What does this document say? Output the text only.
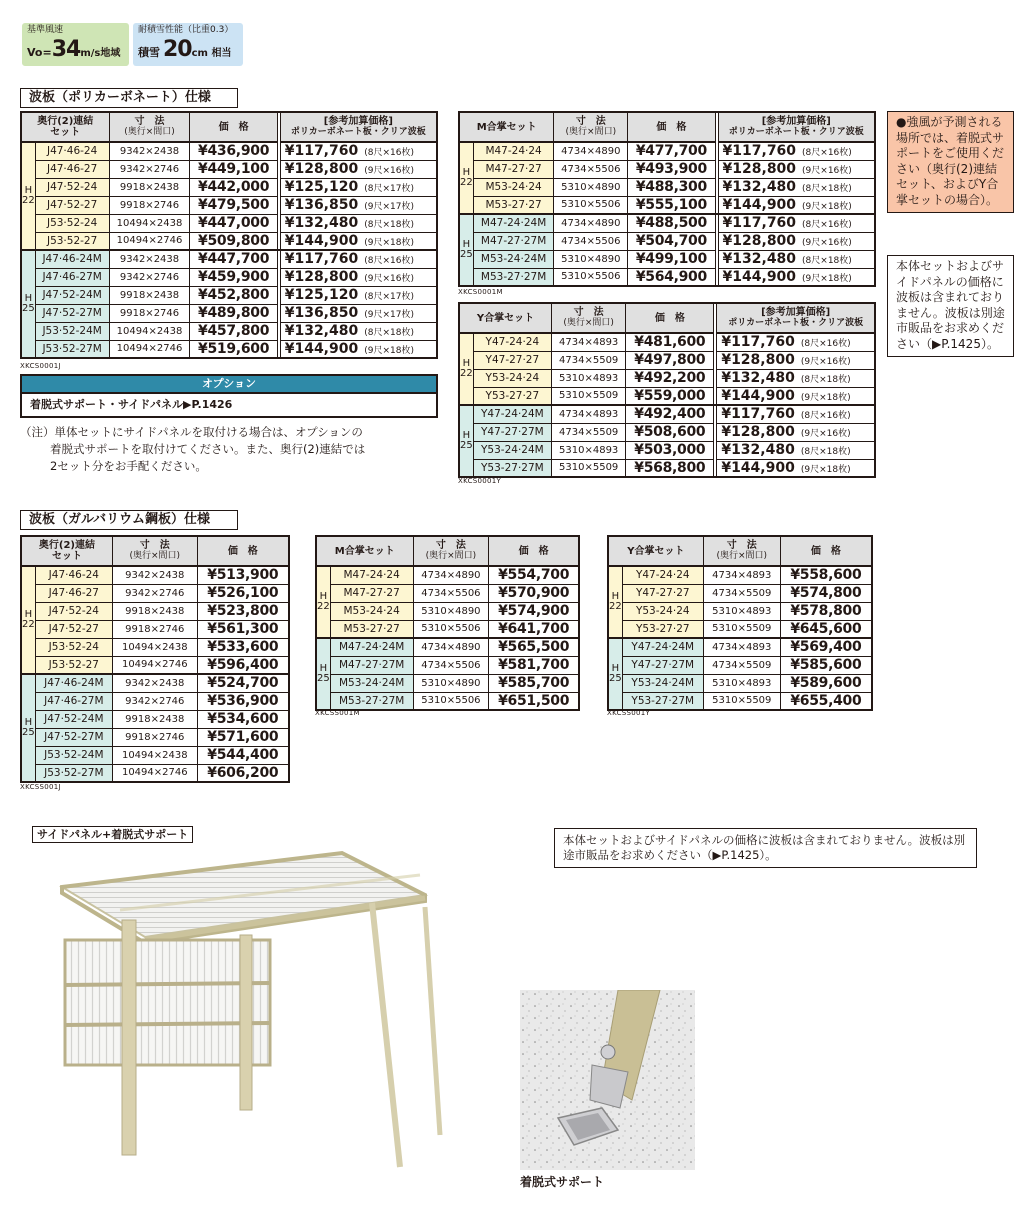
基準風速
Vo= 34 m/s地域
耐積雪性能（比重0.3）
積雪 20 cm 相当
波板（ポリカーボネート）仕様
奥行(2)連結
セット		寸　法
(奥行×間口)	価　格		[参考加算価格]
ポリカーボネート板・クリア波板

H
22	J47·46-24	9342×2438	¥436,900		¥117,760 (8尺×16枚)
	J47·46-27	9342×2746	¥449,100		¥128,800 (9尺×16枚)
	J47·52-24	9918×2438	¥442,000		¥125,120 (8尺×17枚)
	J47·52-27	9918×2746	¥479,500		¥136,850 (9尺×17枚)
	J53·52-24	10494×2438	¥447,000		¥132,480 (8尺×18枚)
	J53·52-27	10494×2746	¥509,800		¥144,900 (9尺×18枚)
H
25	J47·46-24M	9342×2438	¥447,700		¥117,760 (8尺×16枚)
	J47·46-27M	9342×2746	¥459,900		¥128,800 (9尺×16枚)
	J47·52-24M	9918×2438	¥452,800		¥125,120 (8尺×17枚)
	J47·52-27M	9918×2746	¥489,800		¥136,850 (9尺×17枚)
	J53·52-24M	10494×2438	¥457,800		¥132,480 (8尺×18枚)
	J53·52-27M	10494×2746	¥519,600		¥144,900 (9尺×18枚)
XKCS0001J
M合掌セット		寸　法
(奥行×間口)	価　格		[参考加算価格]
ポリカーボネート板・クリア波板

H
22	M47-24·24	4734×4890	¥477,700		¥117,760 (8尺×16枚)
	M47-27·27	4734×5506	¥493,900		¥128,800 (9尺×16枚)
	M53-24·24	5310×4890	¥488,300		¥132,480 (8尺×18枚)
	M53-27·27	5310×5506	¥555,100		¥144,900 (9尺×18枚)
H
25	M47-24·24M	4734×4890	¥488,500		¥117,760 (8尺×16枚)
	M47-27·27M	4734×5506	¥504,700		¥128,800 (9尺×16枚)
	M53-24·24M	5310×4890	¥499,100		¥132,480 (8尺×18枚)
	M53-27·27M	5310×5506	¥564,900		¥144,900 (9尺×18枚)
XKCS0001M
Y合掌セット		寸　法
(奥行×間口)	価　格		[参考加算価格]
ポリカーボネート板・クリア波板

H
22	Y47-24·24	4734×4893	¥481,600		¥117,760 (8尺×16枚)
	Y47-27·27	4734×5509	¥497,800		¥128,800 (9尺×16枚)
	Y53-24·24	5310×4893	¥492,200		¥132,480 (8尺×18枚)
	Y53-27·27	5310×5509	¥559,000		¥144,900 (9尺×18枚)
H
25	Y47-24·24M	4734×4893	¥492,400		¥117,760 (8尺×16枚)
	Y47-27·27M	4734×5509	¥508,600		¥128,800 (9尺×16枚)
	Y53-24·24M	5310×4893	¥503,000		¥132,480 (8尺×18枚)
	Y53-27·27M	5310×5509	¥568,800		¥144,900 (9尺×18枚)
XKCS0001Y
オプション
着脱式サポート・サイドパネル▶P.1426
（注）単体セットにサイドパネルを取付ける場合は、オプションの
着脱式サポートを取付けてください。また、奥行(2)連結では
2セット分をお手配ください。
●強風が予測される場所では、着脱式サポートをご使用ください（奥行(2)連結セット、およびY合掌セットの場合）。
本体セットおよびサイドパネルの価格に波板は含まれておりません。波板は別途市販品をお求めください（▶P.1425）。
波板（ガルバリウム鋼板）仕様
奥行(2)連結
セット		寸　法
(奥行×間口)	価　格
H
22	J47·46-24	9342×2438	¥513,900
	J47·46-27	9342×2746	¥526,100
	J47·52-24	9918×2438	¥523,800
	J47·52-27	9918×2746	¥561,300
	J53·52-24	10494×2438	¥533,600
	J53·52-27	10494×2746	¥596,400
H
25	J47·46-24M	9342×2438	¥524,700
	J47·46-27M	9342×2746	¥536,900
	J47·52-24M	9918×2438	¥534,600
	J47·52-27M	9918×2746	¥571,600
	J53·52-24M	10494×2438	¥544,400
	J53·52-27M	10494×2746	¥606,200
XKCSS001J
M合掌セット		寸　法
(奥行×間口)	価　格
H
22	M47-24·24	4734×4890	¥554,700
	M47-27·27	4734×5506	¥570,900
	M53-24·24	5310×4890	¥574,900
	M53-27·27	5310×5506	¥641,700
H
25	M47-24·24M	4734×4890	¥565,500
	M47-27·27M	4734×5506	¥581,700
	M53-24·24M	5310×4890	¥585,700
	M53-27·27M	5310×5506	¥651,500
XKCSS001M
Y合掌セット		寸　法
(奥行×間口)	価　格
H
22	Y47-24·24	4734×4893	¥558,600
	Y47-27·27	4734×5509	¥574,800
	Y53-24·24	5310×4893	¥578,800
	Y53-27·27	5310×5509	¥645,600
H
25	Y47-24·24M	4734×4893	¥569,400
	Y47-27·27M	4734×5509	¥585,600
	Y53-24·24M	5310×4893	¥589,600
	Y53-27·27M	5310×5509	¥655,400
XKCSS001Y
サイドパネル+着脱式サポート	本体セットおよびサイドパネルの価格に波板は含まれておりません。波板は別途市販品をお求めください（▶P.1425）。
着脱式サポート
